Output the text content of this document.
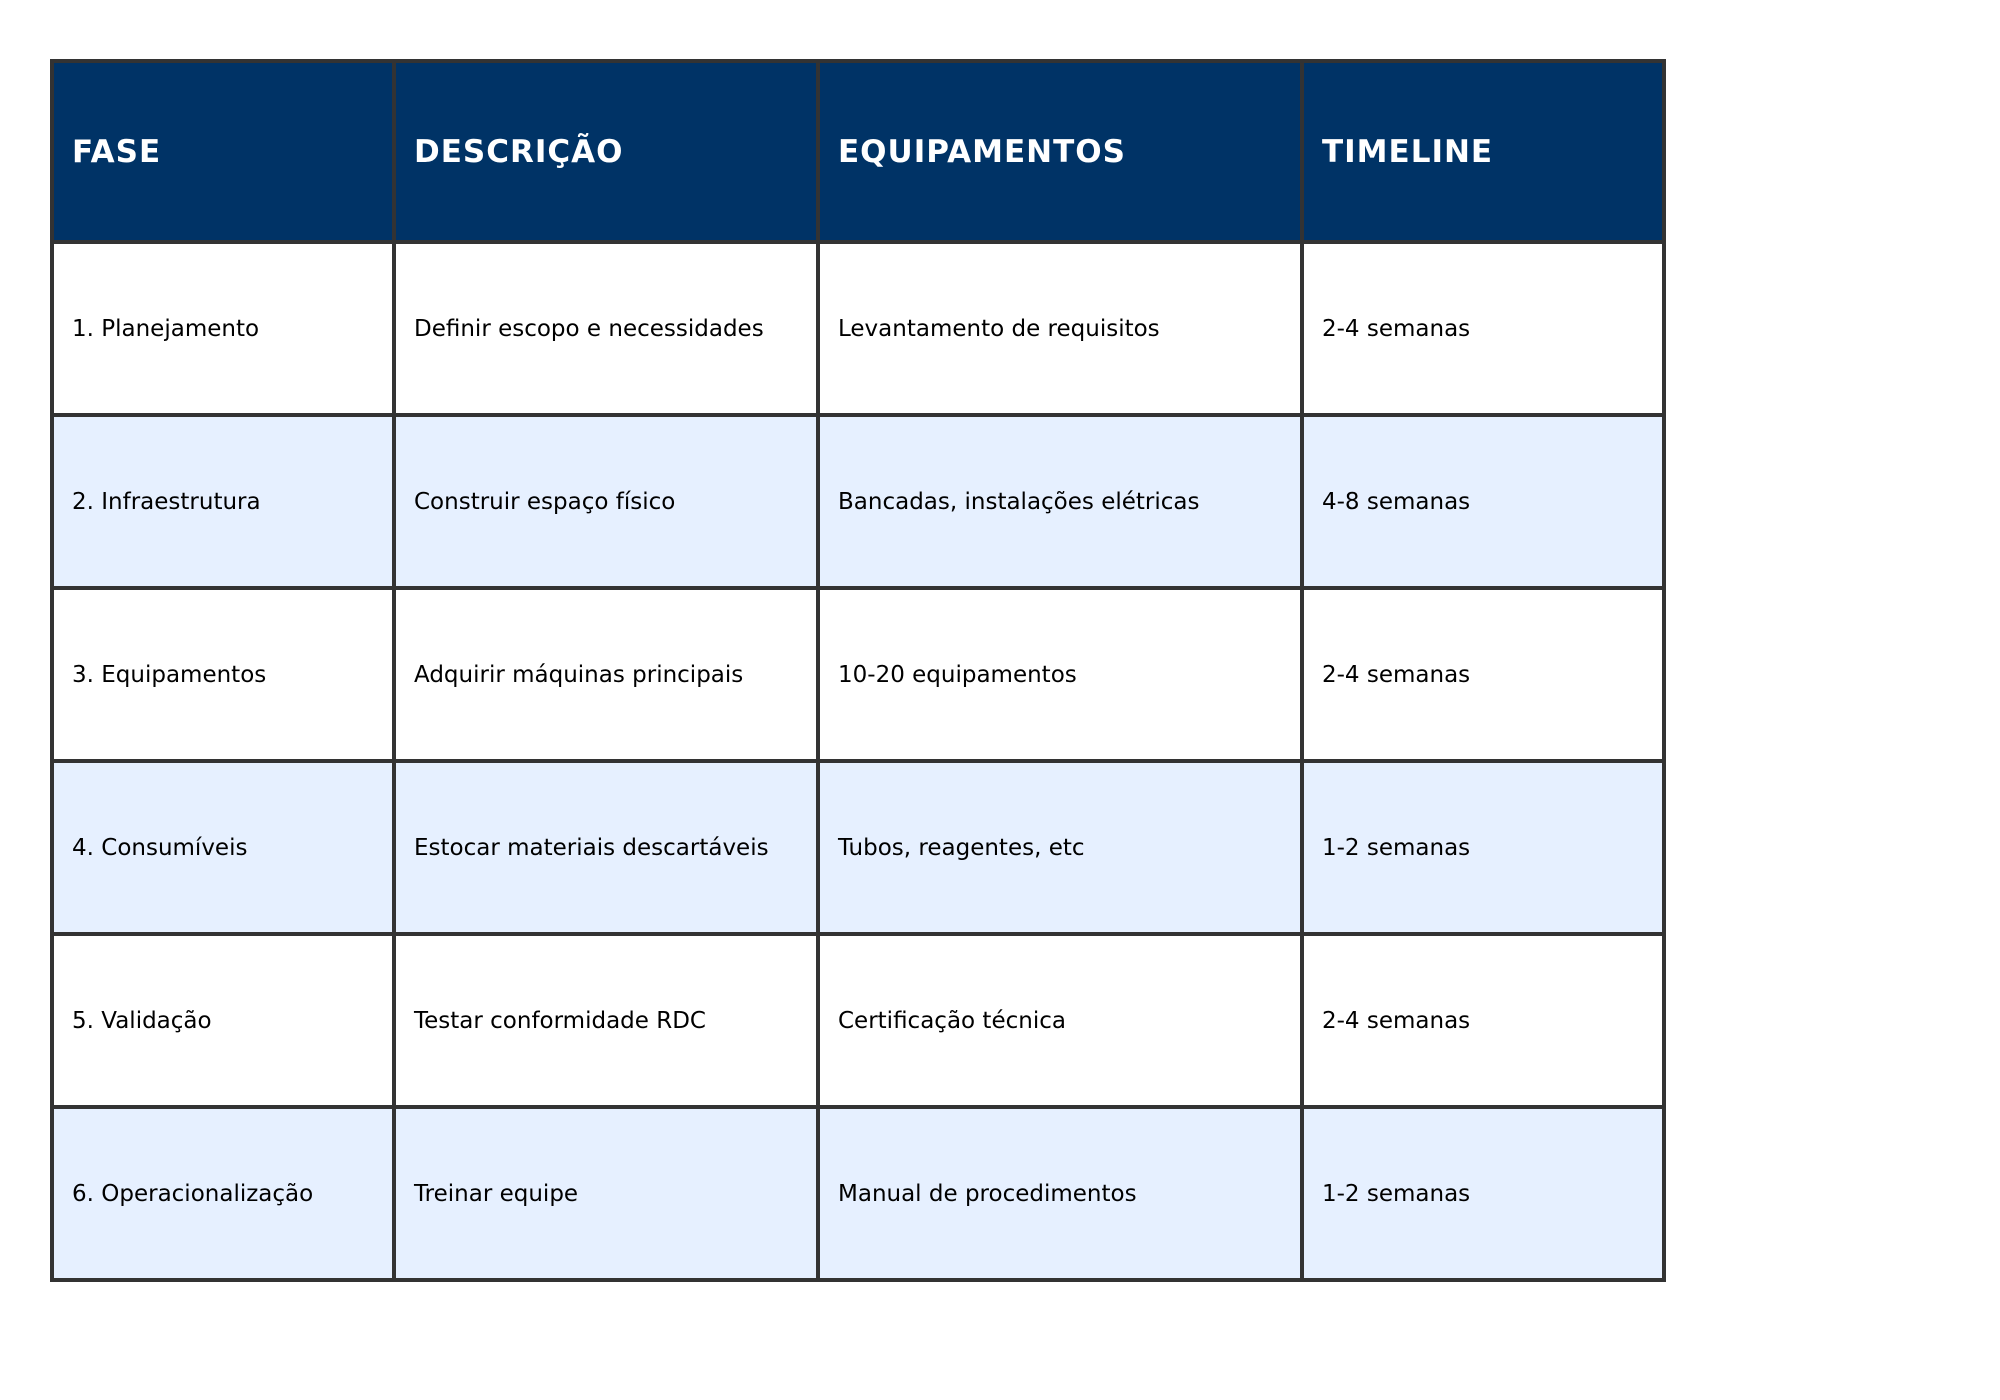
FASE	DESCRIÇÃO	EQUIPAMENTOS	TIMELINE
1. Planejamento	Definir escopo e necessidades	Levantamento de requisitos	2-4 semanas
2. Infraestrutura	Construir espaço físico	Bancadas, instalações elétricas	4-8 semanas
3. Equipamentos	Adquirir máquinas principais	10-20 equipamentos	2-4 semanas
4. Consumíveis	Estocar materiais descartáveis	Tubos, reagentes, etc	1-2 semanas
5. Validação	Testar conformidade RDC	Certificação técnica	2-4 semanas
6. Operacionalização	Treinar equipe	Manual de procedimentos	1-2 semanas
